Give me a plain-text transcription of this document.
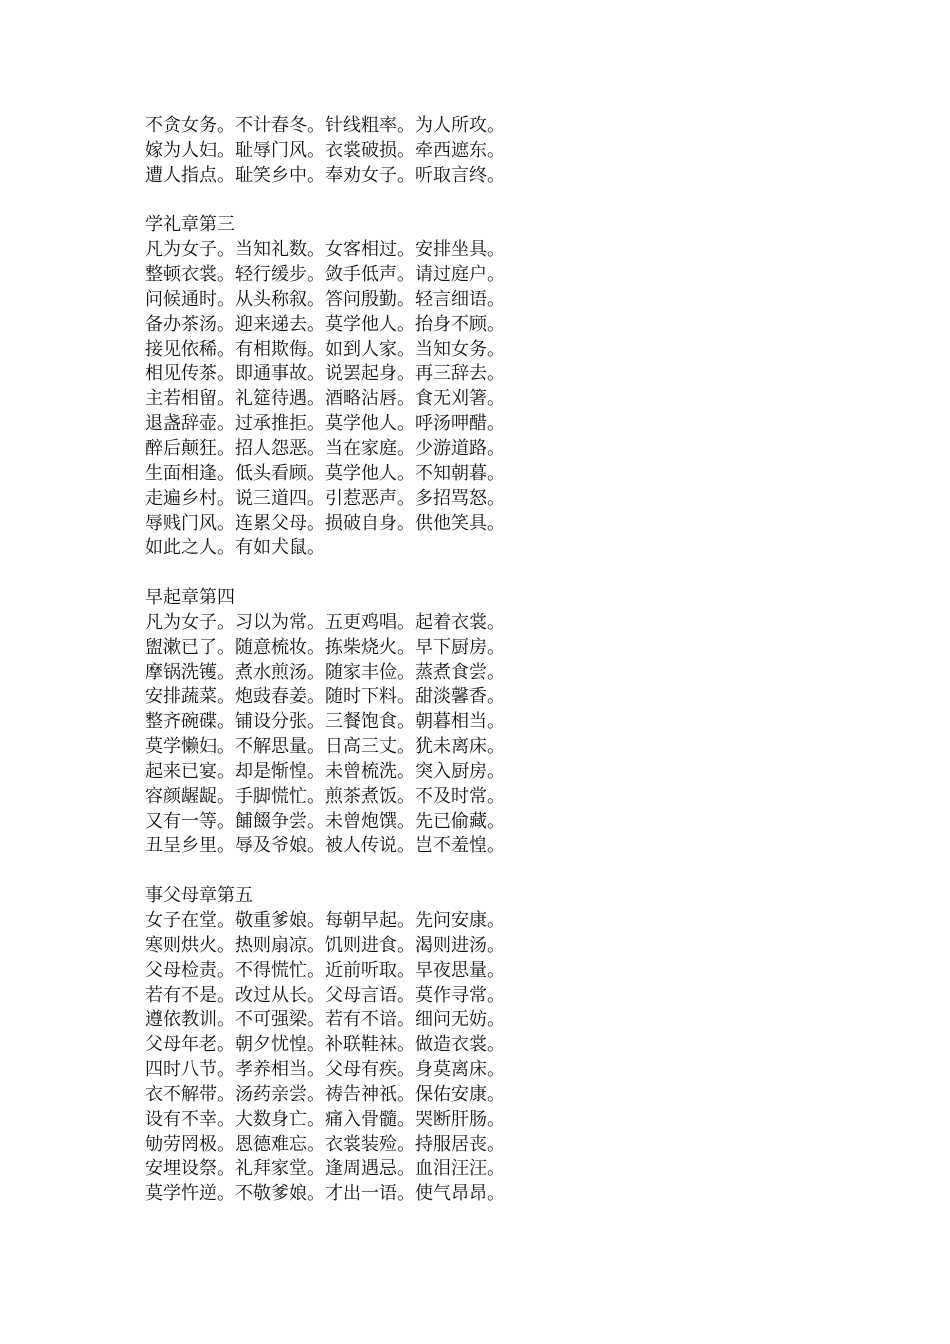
不贪女务。不计春冬。针线粗率。为人所攻。
嫁为人妇。耻辱门风。衣裳破损。牵西遮东。
遭人指点。耻笑乡中。奉劝女子。听取言终。
学礼章第三
凡为女子。当知礼数。女客相过。安排坐具。
整顿衣裳。轻行缓步。敛手低声。请过庭户。
问候通时。从头称叙。答问殷勤。轻言细语。
备办茶汤。迎来递去。莫学他人。抬身不顾。
接见依稀。有相欺侮。如到人家。当知女务。
相见传茶。即通事故。说罢起身。再三辞去。
主若相留。礼筵待遇。酒略沾唇。食无刈箸。
退盏辞壶。过承推拒。莫学他人。呼汤呷醋。
醉后颠狂。招人怨恶。当在家庭。少游道路。
生面相逢。低头看顾。莫学他人。不知朝暮。
走遍乡村。说三道四。引惹恶声。多招骂怒。
辱贱门风。连累父母。损破自身。供他笑具。
如此之人。有如犬鼠。
早起章第四
凡为女子。习以为常。五更鸡唱。起着衣裳。
盥漱已了。随意梳妆。拣柴烧火。早下厨房。
摩锅洗镬。煮水煎汤。随家丰俭。蒸煮食尝。
安排蔬菜。炮豉春姜。随时下料。甜淡馨香。
整齐碗碟。铺设分张。三餐饱食。朝暮相当。
莫学懒妇。不解思量。日高三丈。犹未离床。
起来已宴。却是惭惶。未曾梳洗。突入厨房。
容颜龌龊。手脚慌忙。煎茶煮饭。不及时常。
又有一等。餔餟争尝。未曾炮馔。先已偷藏。
丑呈乡里。辱及爷娘。被人传说。岂不羞惶。
事父母章第五
女子在堂。敬重爹娘。每朝早起。先问安康。
寒则烘火。热则扇凉。饥则进食。渴则进汤。
父母检责。不得慌忙。近前听取。早夜思量。
若有不是。改过从长。父母言语。莫作寻常。
遵依教训。不可强梁。若有不谙。细问无妨。
父母年老。朝夕忧惶。补联鞋袜。做造衣裳。
四时八节。孝养相当。父母有疾。身莫离床。
衣不解带。汤药亲尝。祷告神祇。保佑安康。
设有不幸。大数身亡。痛入骨髓。哭断肝肠。
劬劳罔极。恩德难忘。衣裳装殓。持服居丧。
安埋设祭。礼拜家堂。逢周遇忌。血泪汪汪。
莫学忤逆。不敬爹娘。才出一语。使气昂昂。
